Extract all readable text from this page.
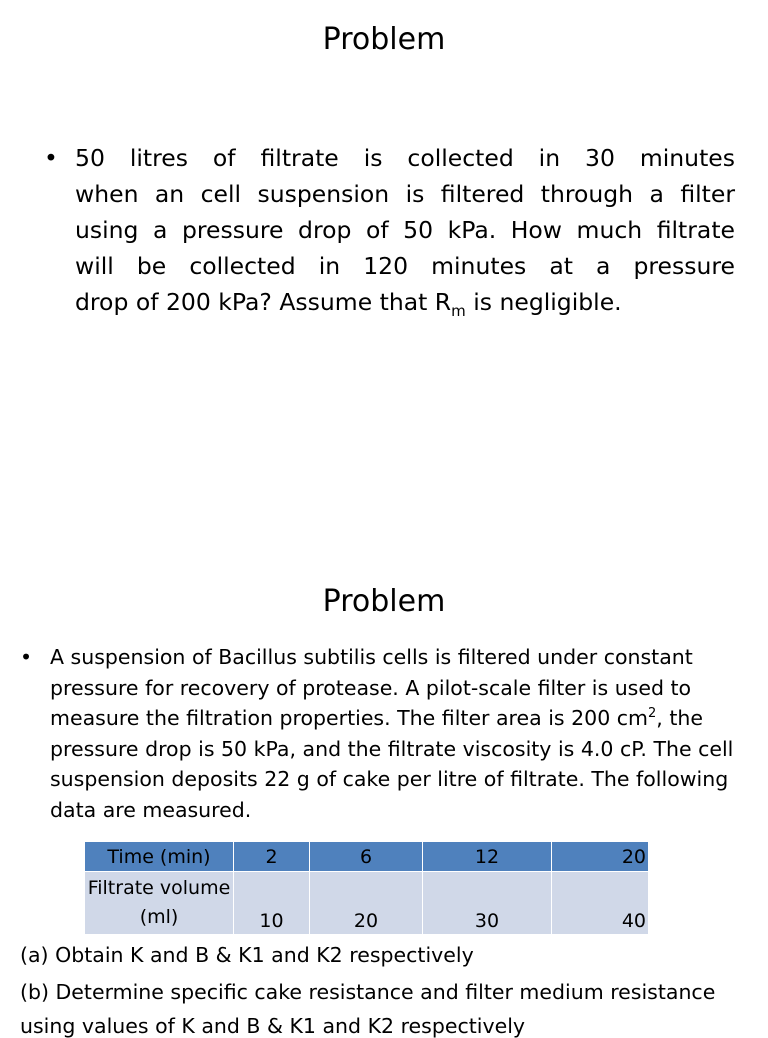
Problem
• 50 litres of filtrate is collected in 30 minutes
when an cell suspension is filtered through a filter
using a pressure drop of 50 kPa. How much filtrate
will be collected in 120 minutes at a pressure
drop of 200 kPa? Assume that $R_m$ is negligible.
Problem
• A suspension of Bacillus subtilis cells is filtered under constant
pressure for recovery of protease. A pilot-scale filter is used to
measure the filtration properties. The filter area is 200 $cm^2$, the
pressure drop is 50 kPa, and the filtrate viscosity is 4.0 cP. The cell
suspension deposits 22 g of cake per litre of filtrate. The following
data are measured.
Time (min)	2	6	12	20
Filtrate volume
(ml)	10	20	30	40
(a) Obtain K and B & K1 and K2 respectively
(b) Determine specific cake resistance and filter medium resistance
using values of K and B & K1 and K2 respectively
